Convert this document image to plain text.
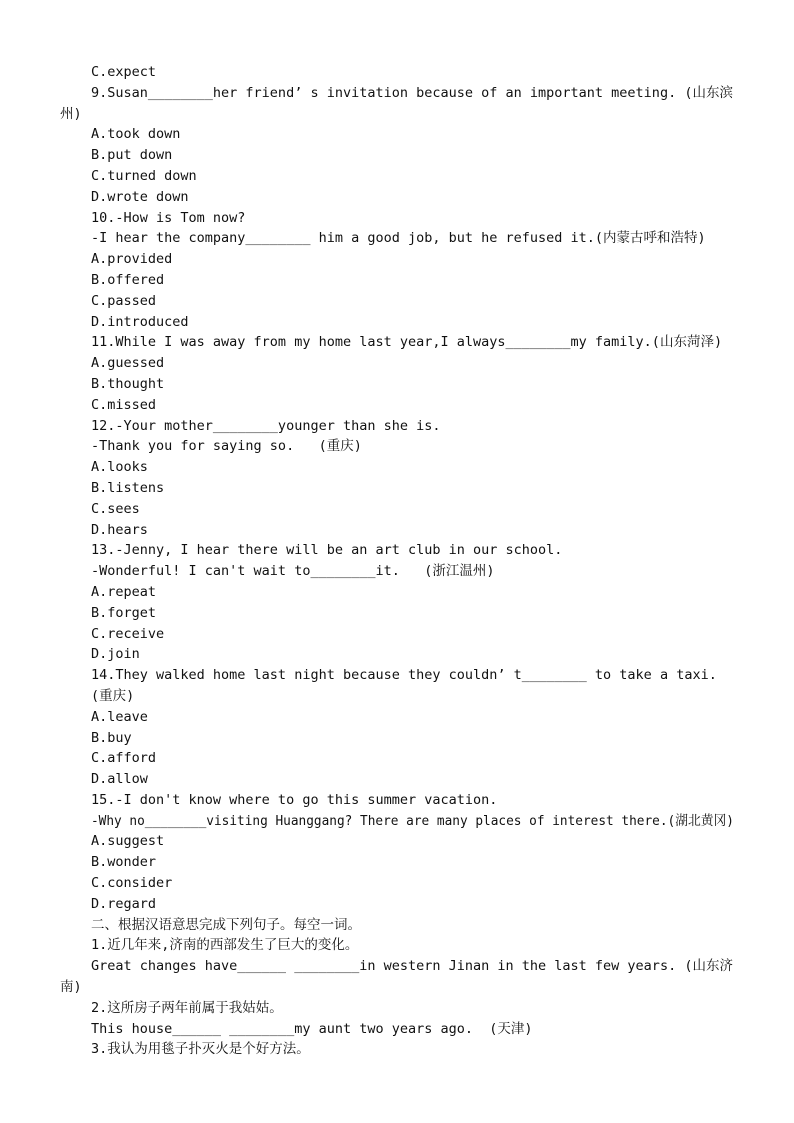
C.expect
9.Susan________her friend’ s invitation because of an important meeting. (山东滨
州)
A.took down
B.put down
C.turned down
D.wrote down
10.-How is Tom now?
-I hear the company________ him a good job, but he refused it.(内蒙古呼和浩特)
A.provided
B.offered
C.passed
D.introduced
11.While I was away from my home last year,I always________my family.(山东菏泽)
A.guessed
B.thought
C.missed
12.-Your mother________younger than she is.
-Thank you for saying so.   (重庆)
A.looks
B.listens
C.sees
D.hears
13.-Jenny, I hear there will be an art club in our school.
-Wonderful! I can't wait to________it.   (浙江温州)
A.repeat
B.forget
C.receive
D.join
14.They walked home last night because they couldn’ t________ to take a taxi.
(重庆)
A.leave
B.buy
C.afford
D.allow
15.-I don't know where to go this summer vacation.
-Why no________visiting Huanggang? There are many places of interest there.(湖北黄冈)
A.suggest
B.wonder
C.consider
D.regard
二、根据汉语意思完成下列句子。每空一词。
1.近几年来,济南的西部发生了巨大的变化。
Great changes have______ ________in western Jinan in the last few years. (山东济
南)
2.这所房子两年前属于我姑姑。
This house______ ________my aunt two years ago.  (天津)
3.我认为用毯子扑灭火是个好方法。
